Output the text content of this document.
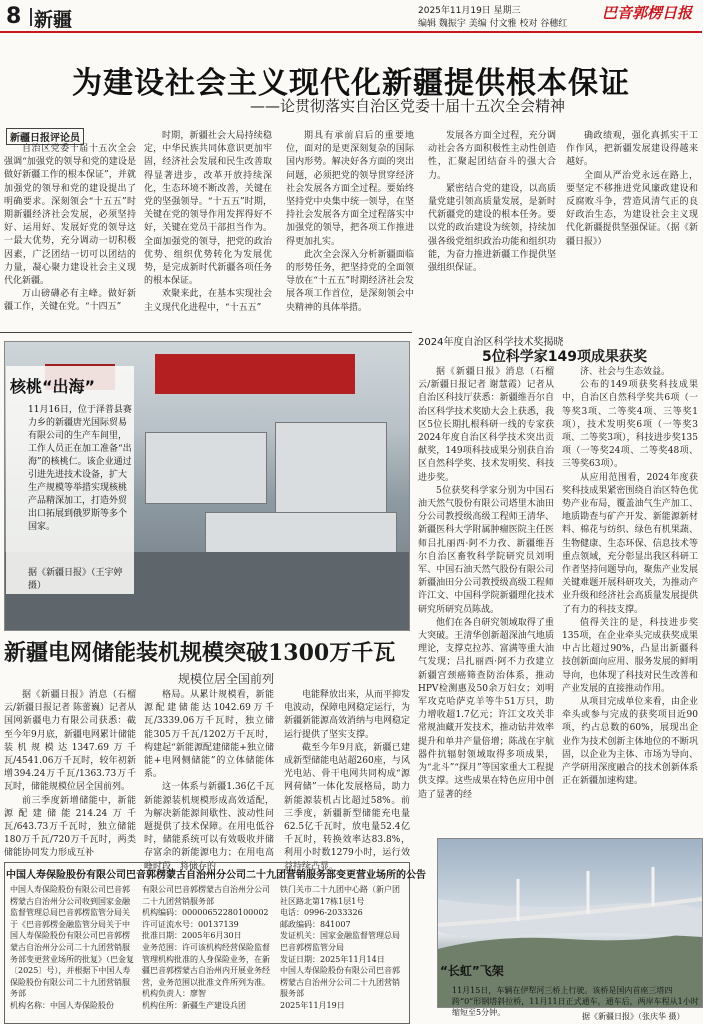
8 新疆	2025年11月19日 星期三
编辑 魏振宇 美编 付文雅 校对 谷穗红
巴音郭楞日报
为建设社会主义现代化新疆提供根本保证
——论贯彻落实自治区党委十届十五次全会精神
新疆日报评论员

自治区党委十届十五次全会强调“加强党的领导和党的建设是做好新疆工作的根本保证”，并就加强党的领导和党的建设提出了明确要求。深刻领会“十五五”时期新疆经济社会发展，必须坚持好、运用好、发展好党的领导这一最大优势，充分调动一切积极因素，广泛团结一切可以团结的力量，凝心聚力建设社会主义现代化新疆。

万山磅礴必有主峰。做好新疆工作，关键在党。“十四五”

时期，新疆社会大局持续稳定，中华民族共同体意识更加牢固，经济社会发展和民生改善取得显著进步，改革开放持续深化，生态环境不断改善，关键在党的坚强领导。“十五五”时期，关键在党的领导作用发挥得好不好，关键在党员干部担当作为。全面加强党的领导，把党的政治优势、组织优势转化为发展优势，是完成新时代新疆各项任务的根本保证。

欢聚来此，在基本实现社会主义现代化进程中，“十五五”

期具有承前启后的重要地位，面对的是更深刻复杂的国际国内形势。解决好各方面的突出问题，必须把党的领导贯穿经济社会发展各方面全过程。要始终坚持党中央集中统一领导，在坚持社会发展各方面全过程落实中加强党的领导，把各项工作推进得更加扎实。

此次全会深入分析新疆面临的形势任务，把坚持党的全面领导放在“十五五”时期经济社会发展各项工作首位，是深刻领会中央精神的具体举措。

发展各方面全过程，充分调动社会各方面积极性主动性创造性，汇聚起团结奋斗的强大合力。

紧密结合党的建设，以高质量党建引领高质量发展，是新时代新疆党的建设的根本任务。要以党的政治建设为统领，持续加强各级党组织政治功能和组织功能，为奋力推进新疆工作提供坚强组织保证。

确政绩观，强化真抓实干工作作风，把新疆发展建设得越来越好。

全面从严治党永远在路上，要坚定不移推进党风廉政建设和反腐败斗争，营造风清气正的良好政治生态，为建设社会主义现代化新疆提供坚强保证。（据《新疆日报》）

核桃“出海”
11月16日，位于泽普县赛力乡的新疆唐光国际贸易有限公司的生产车间里，工作人员正在加工准备“出海”的核桃仁。该企业通过引进先进技术设备，扩大生产规模等举措实现核桃产品精深加工，打造外贸出口拓展到俄罗斯等多个国家。
据《新疆日报》（王宇婷 摄）
新疆电网储能装机规模突破1300万千瓦
规模位居全国前列

据《新疆日报》消息（石榴云/新疆日报记者 陈蕾巍）记者从国网新疆电力有限公司获悉：截至今年9月底，新疆电网累计储能装机规模达1347.69万千瓦/4541.06万千瓦时，较年初新增394.24万千瓦/1363.73万千瓦时，储能规模位居全国前列。

前三季度新增储能中，新能源配建储能214.24万千瓦/643.73万千瓦时，独立储能180万千瓦/720万千瓦时，两类储能协同发力形成互补

格局。从累计规模看，新能源配建储能达1042.69万千瓦/3339.06万千瓦时，独立储能305万千瓦/1202万千瓦时，构建起“新能源配建储能+独立储能+电网侧储能”的立体储能体系。

这一体系与新疆1.36亿千瓦新能源装机规模形成高效适配，为解决新能源间歇性、波动性问题提供了技术保障。在用电低谷时，储能系统可以有效吸收并储存富余的新能源电力；在用电高峰时段，将储存的

电能释放出来，从而平抑发电波动，保障电网稳定运行，为新疆新能源高效消纳与电网稳定运行提供了坚实支撑。

截至今年9月底，新疆已建成新型储能电站超260座，与风光电站、骨干电网共同构成“源网荷储”一体化发展格局，助力新能源装机占比超过58%。前三季度，新疆新型储能充电量62.5亿千瓦时，放电量52.4亿千瓦时，转换效率达83.8%，利用小时数1279小时，运行效益持续凸显。

中国人寿保险股份有限公司巴音郭楞蒙古自治州分公司二十九团营销服务部变更营业场所的公告
中国人寿保险股份有限公司巴音郭楞蒙古自治州分公司收到国家金融监督管理总局巴音郭楞监管分局关于《巴音郭楞金融监管分局关于中国人寿保险股份有限公司巴音郭楞蒙古自治州分公司二十九团营销服务部变更营业场所的批复》（巴金复〔2025〕号），并根据下中国人寿保险股份有限公司二十九团营销服务部
机构名称：中国人寿保险股份
有限公司巴音郭楞蒙古自治州分公司二十九团营销服务部
机构编码：00000652280100002
许可证流水号：00137139
批准日期：2005年6月30日
业务范围：许可该机构经营保险监督管理机构批准的人身保险业务，在新疆巴音郭楞蒙古自治州内开展业务经营，业务范围以批准文件所列为准。
机构负责人：廖智
机构住所：新疆生产建设兵团
铁门关市二十九团中心路（新户团社区路北第17栋1层1号
电话：0996-2033326
邮政编码：841007
发证机关：国家金融监督管理总局巴音郭楞监管分局
发证日期：2025年11月14日
中国人寿保险股份有限公司巴音郭楞蒙古自治州分公司二十九团营销服务部
2025年11月19日
2024年度自治区科学技术奖揭晓
5位科学家149项成果获奖

据《新疆日报》消息（石榴云/新疆日报记者 谢慧霞）记者从自治区科技厅获悉：新疆维吾尔自治区科学技术奖励大会上获悉，我区5位长期扎根科研一线的专家获2024年度自治区科学技术突出贡献奖，149项科技成果分别获自治区自然科学奖、技术发明奖、科技进步奖。

5位获奖科学家分别为中国石油天然气股份有限公司塔里木油田分公司教授级高级工程师王清华、新疆医科大学附属肿瘤医院主任医师吕扎丽西·阿不力孜、新疆维吾尔自治区畜牧科学院研究员刘明军、中国石油天然气股份有限公司新疆油田分公司教授级高级工程师许江文、中国科学院新疆理化技术研究所研究员陈战。

他们在各自研究领域取得了重大突破。王清华创新超深油气地质理论，支撑克拉苏、富满等重大油气发现；吕扎丽西·阿不力孜建立新疆宫颈癌筛查防治体系，推动HPV检测惠及50余万妇女；刘明军攻克哈萨克羊等牛51万只，助力增收超1.7亿元；许江文攻关非常规油藏开发技术，推动钻井效率提升和单井产量倍增；陈战在宇航器件抗辐射领域取得多项成果，为“北斗”“探月”等国家重大工程提供支撑。这些成果在特色应用中创造了显著的经

济、社会与生态效益。

公布的149项获奖科技成果中，自治区自然科学奖共6项（一等奖3项、二等奖4项、三等奖1项），技术发明奖6项（一等奖3项、二等奖3项），科技进步奖135项（一等奖24项、二等奖48项、三等奖63项）。

从应用范围看，2024年度获奖科技成果紧密围绕自治区特色优势产业布局，覆盖油气生产加工、地质勘查与矿产开发、新能源新材料、棉花与纺织、绿色有机果蔬、生物健康、生态环保、信息技术等重点领域，充分彰显出我区科研工作者坚持问题导向，聚焦产业发展关键难题开展科研攻关，为推动产业升级和经济社会高质量发展提供了有力的科技支撑。

值得关注的是，科技进步奖135项，在企业牵头完成获奖成果中占比超过90%，凸显出新疆科技创新面向应用、服务发展的鲜明导向，也体现了科技对民生改善和产业发展的直接推动作用。

从项目完成单位来看，由企业牵头或参与完成的获奖项目近90项，约占总数的60%，展现出企业作为技术创新主体地位的不断巩固，以企业为主体、市场为导向、产学研用深度融合的技术创新体系正在新疆加速构建。

“长虹”飞架
11月15日，车辆在伊犁河三桥上行驶。该桥是国内首座三塔四跨“0”形钢塔斜拉桥，11月11日正式通车，通车后，两岸车程从1小时缩短至5分钟。	据《新疆日报》（张庆华 摄）
